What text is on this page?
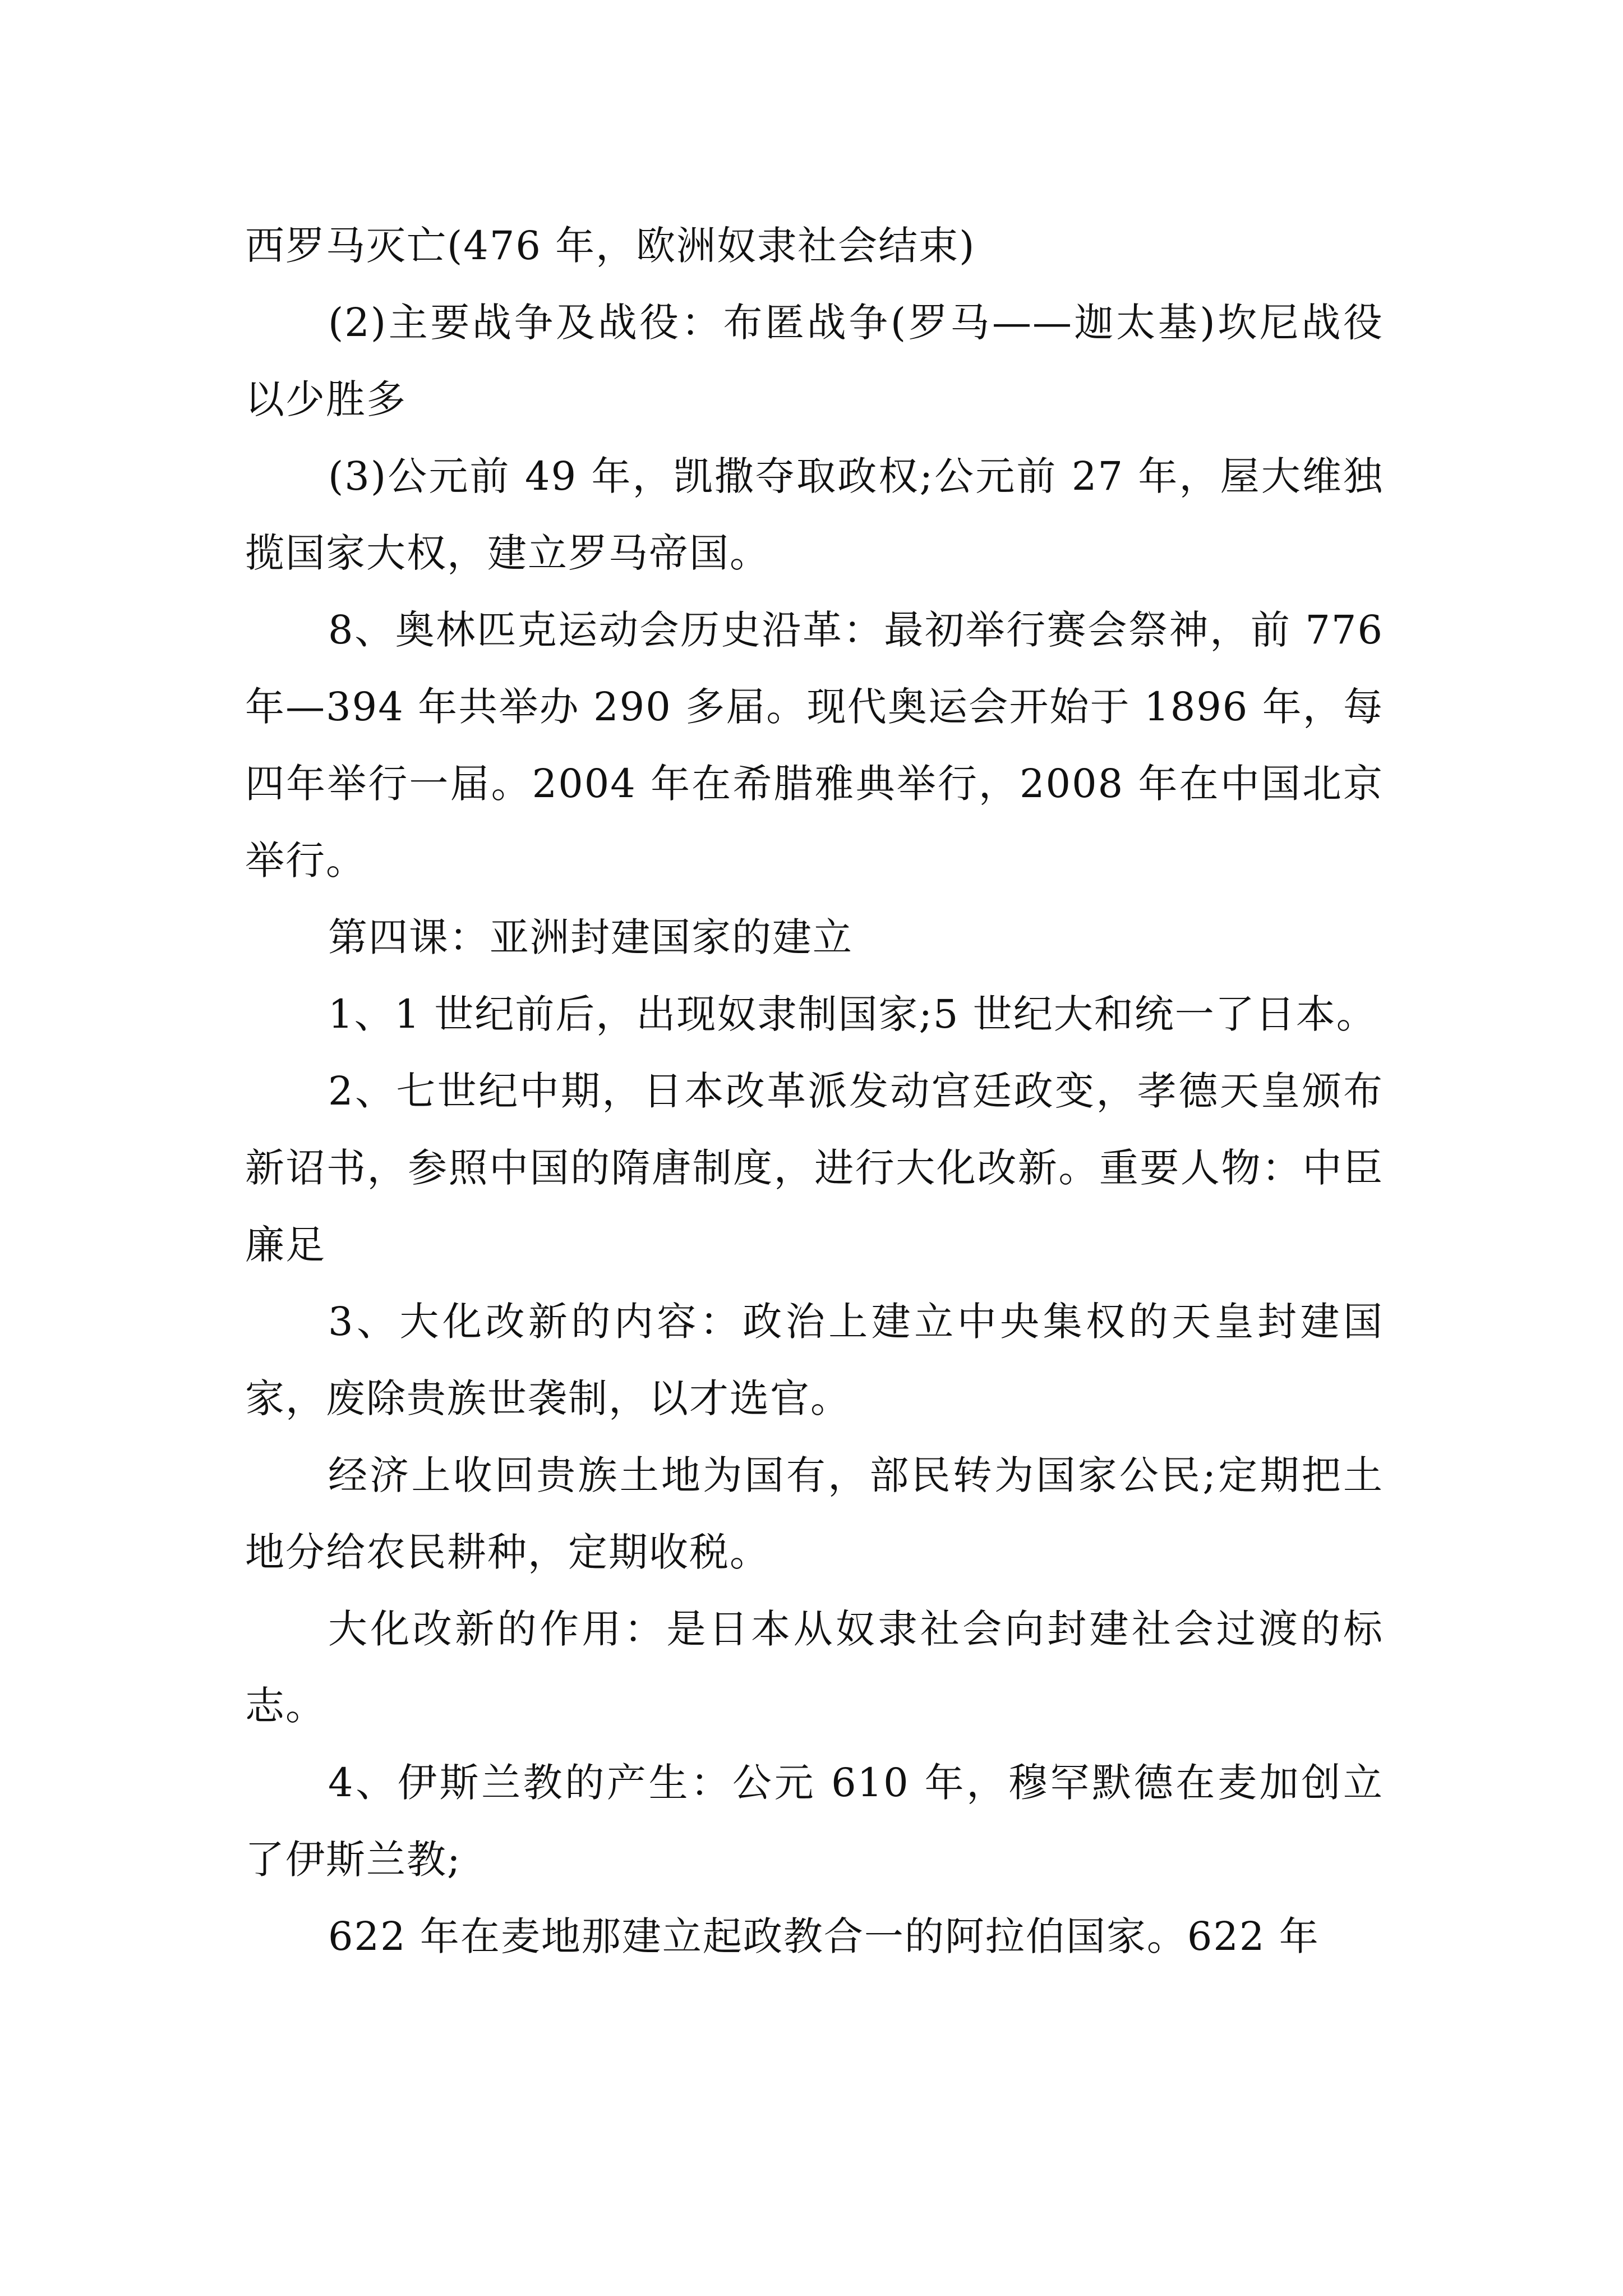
西罗马灭亡(476 年，欧洲奴隶社会结束)

(2)主要战争及战役：布匿战争(罗马——迦太基)坎尼战役以少胜多

(3)公元前 49 年，凯撒夺取政权;公元前 27 年，屋大维独揽国家大权，建立罗马帝国。

8、奥林匹克运动会历史沿革：最初举行赛会祭神，前 776 年—394 年共举办 290 多届。现代奥运会开始于 1896 年，每四年举行一届。2004 年在希腊雅典举行，2008 年在中国北京举行。

第四课：亚洲封建国家的建立

1、1 世纪前后，出现奴隶制国家;5 世纪大和统一了日本。

2、七世纪中期，日本改革派发动宫廷政变，孝德天皇颁布新诏书，参照中国的隋唐制度，进行大化改新。重要人物：中臣廉足

3、大化改新的内容：政治上建立中央集权的天皇封建国家，废除贵族世袭制，以才选官。

经济上收回贵族土地为国有，部民转为国家公民;定期把土地分给农民耕种，定期收税。

大化改新的作用：是日本从奴隶社会向封建社会过渡的标志。

4、伊斯兰教的产生：公元 610 年，穆罕默德在麦加创立了伊斯兰教;

622 年在麦地那建立起政教合一的阿拉伯国家。622 年
